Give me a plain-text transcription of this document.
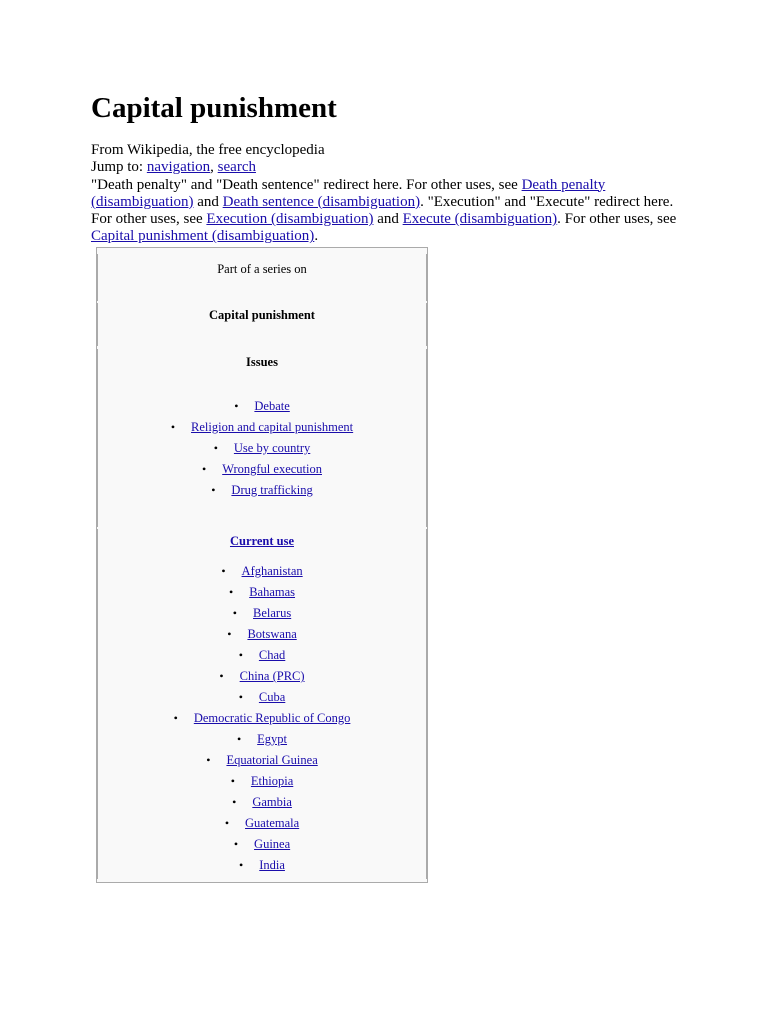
Capital punishment

From Wikipedia, the free encyclopedia

Jump to: navigation, search

"Death penalty" and "Death sentence" redirect here. For other uses, see Death penalty (disambiguation) and Death sentence (disambiguation). "Execution" and "Execute" redirect here. For other uses, see Execution (disambiguation) and Execute (disambiguation). For other uses, see Capital punishment (disambiguation).

Part of a series on
Capital punishment
Issues
• Debate
• Religion and capital punishment
• Use by country
• Wrongful execution
• Drug trafficking
Current use
• Afghanistan
• Bahamas
• Belarus
• Botswana
• Chad
• China (PRC)
• Cuba
• Democratic Republic of Congo
• Egypt
• Equatorial Guinea
• Ethiopia
• Gambia
• Guatemala
• Guinea
• India
